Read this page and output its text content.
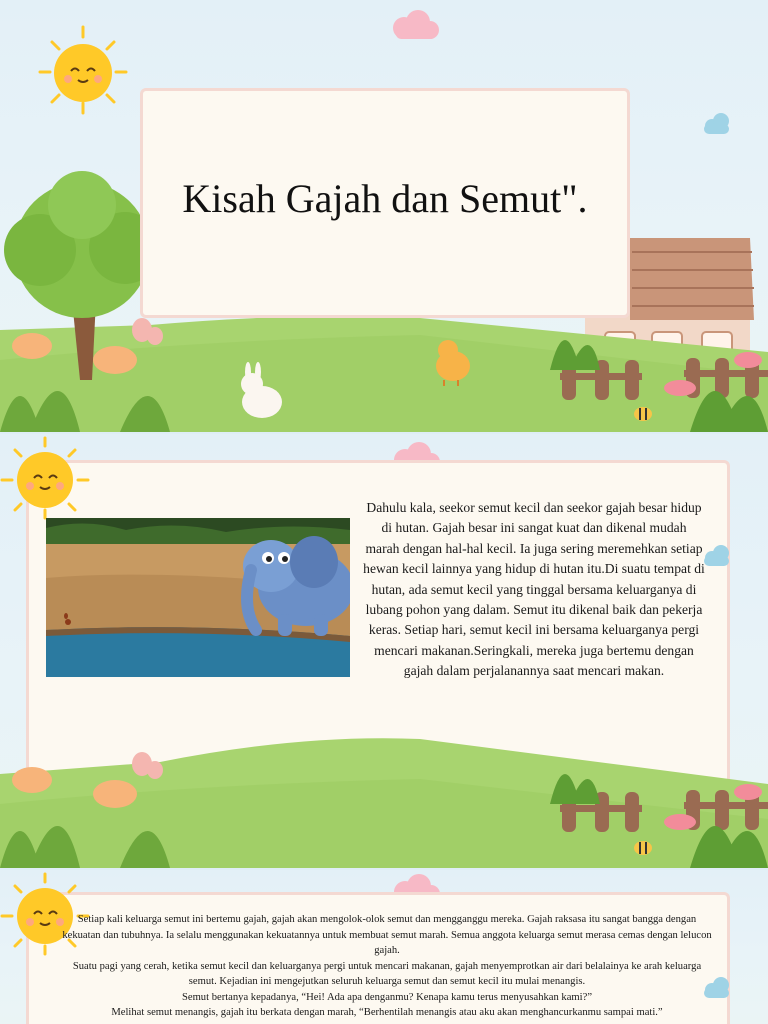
Kisah Gajah dan Semut".
Dahulu kala, seekor semut kecil dan seekor gajah besar hidup di hutan. Gajah besar ini sangat kuat dan dikenal mudah marah dengan hal-hal kecil. Ia juga sering meremehkan setiap hewan kecil lainnya yang hidup di hutan itu.Di suatu tempat di hutan, ada semut kecil yang tinggal bersama keluarganya di lubang pohon yang dalam. Semut itu dikenal baik dan pekerja keras. Setiap hari, semut kecil ini bersama keluarganya pergi mencari makanan.Seringkali, mereka juga bertemu dengan gajah dalam perjalanannya saat mencari makan.

Setiap kali keluarga semut ini bertemu gajah, gajah akan mengolok-olok semut dan mengganggu mereka. Gajah raksasa itu sangat bangga dengan kekuatan dan tubuhnya. Ia selalu menggunakan kekuatannya untuk membuat semut marah. Semua anggota keluarga semut merasa cemas dengan lelucon gajah.

Suatu pagi yang cerah, ketika semut kecil dan keluarganya pergi untuk mencari makanan, gajah menyemprotkan air dari belalainya ke arah keluarga semut. Kejadian ini mengejutkan seluruh keluarga semut dan semut kecil itu mulai menangis.

Semut bertanya kepadanya, “Hei! Ada apa denganmu? Kenapa kamu terus menyusahkan kami?”

Melihat semut menangis, gajah itu berkata dengan marah, “Berhentilah menangis atau aku akan menghancurkanmu sampai mati.”
